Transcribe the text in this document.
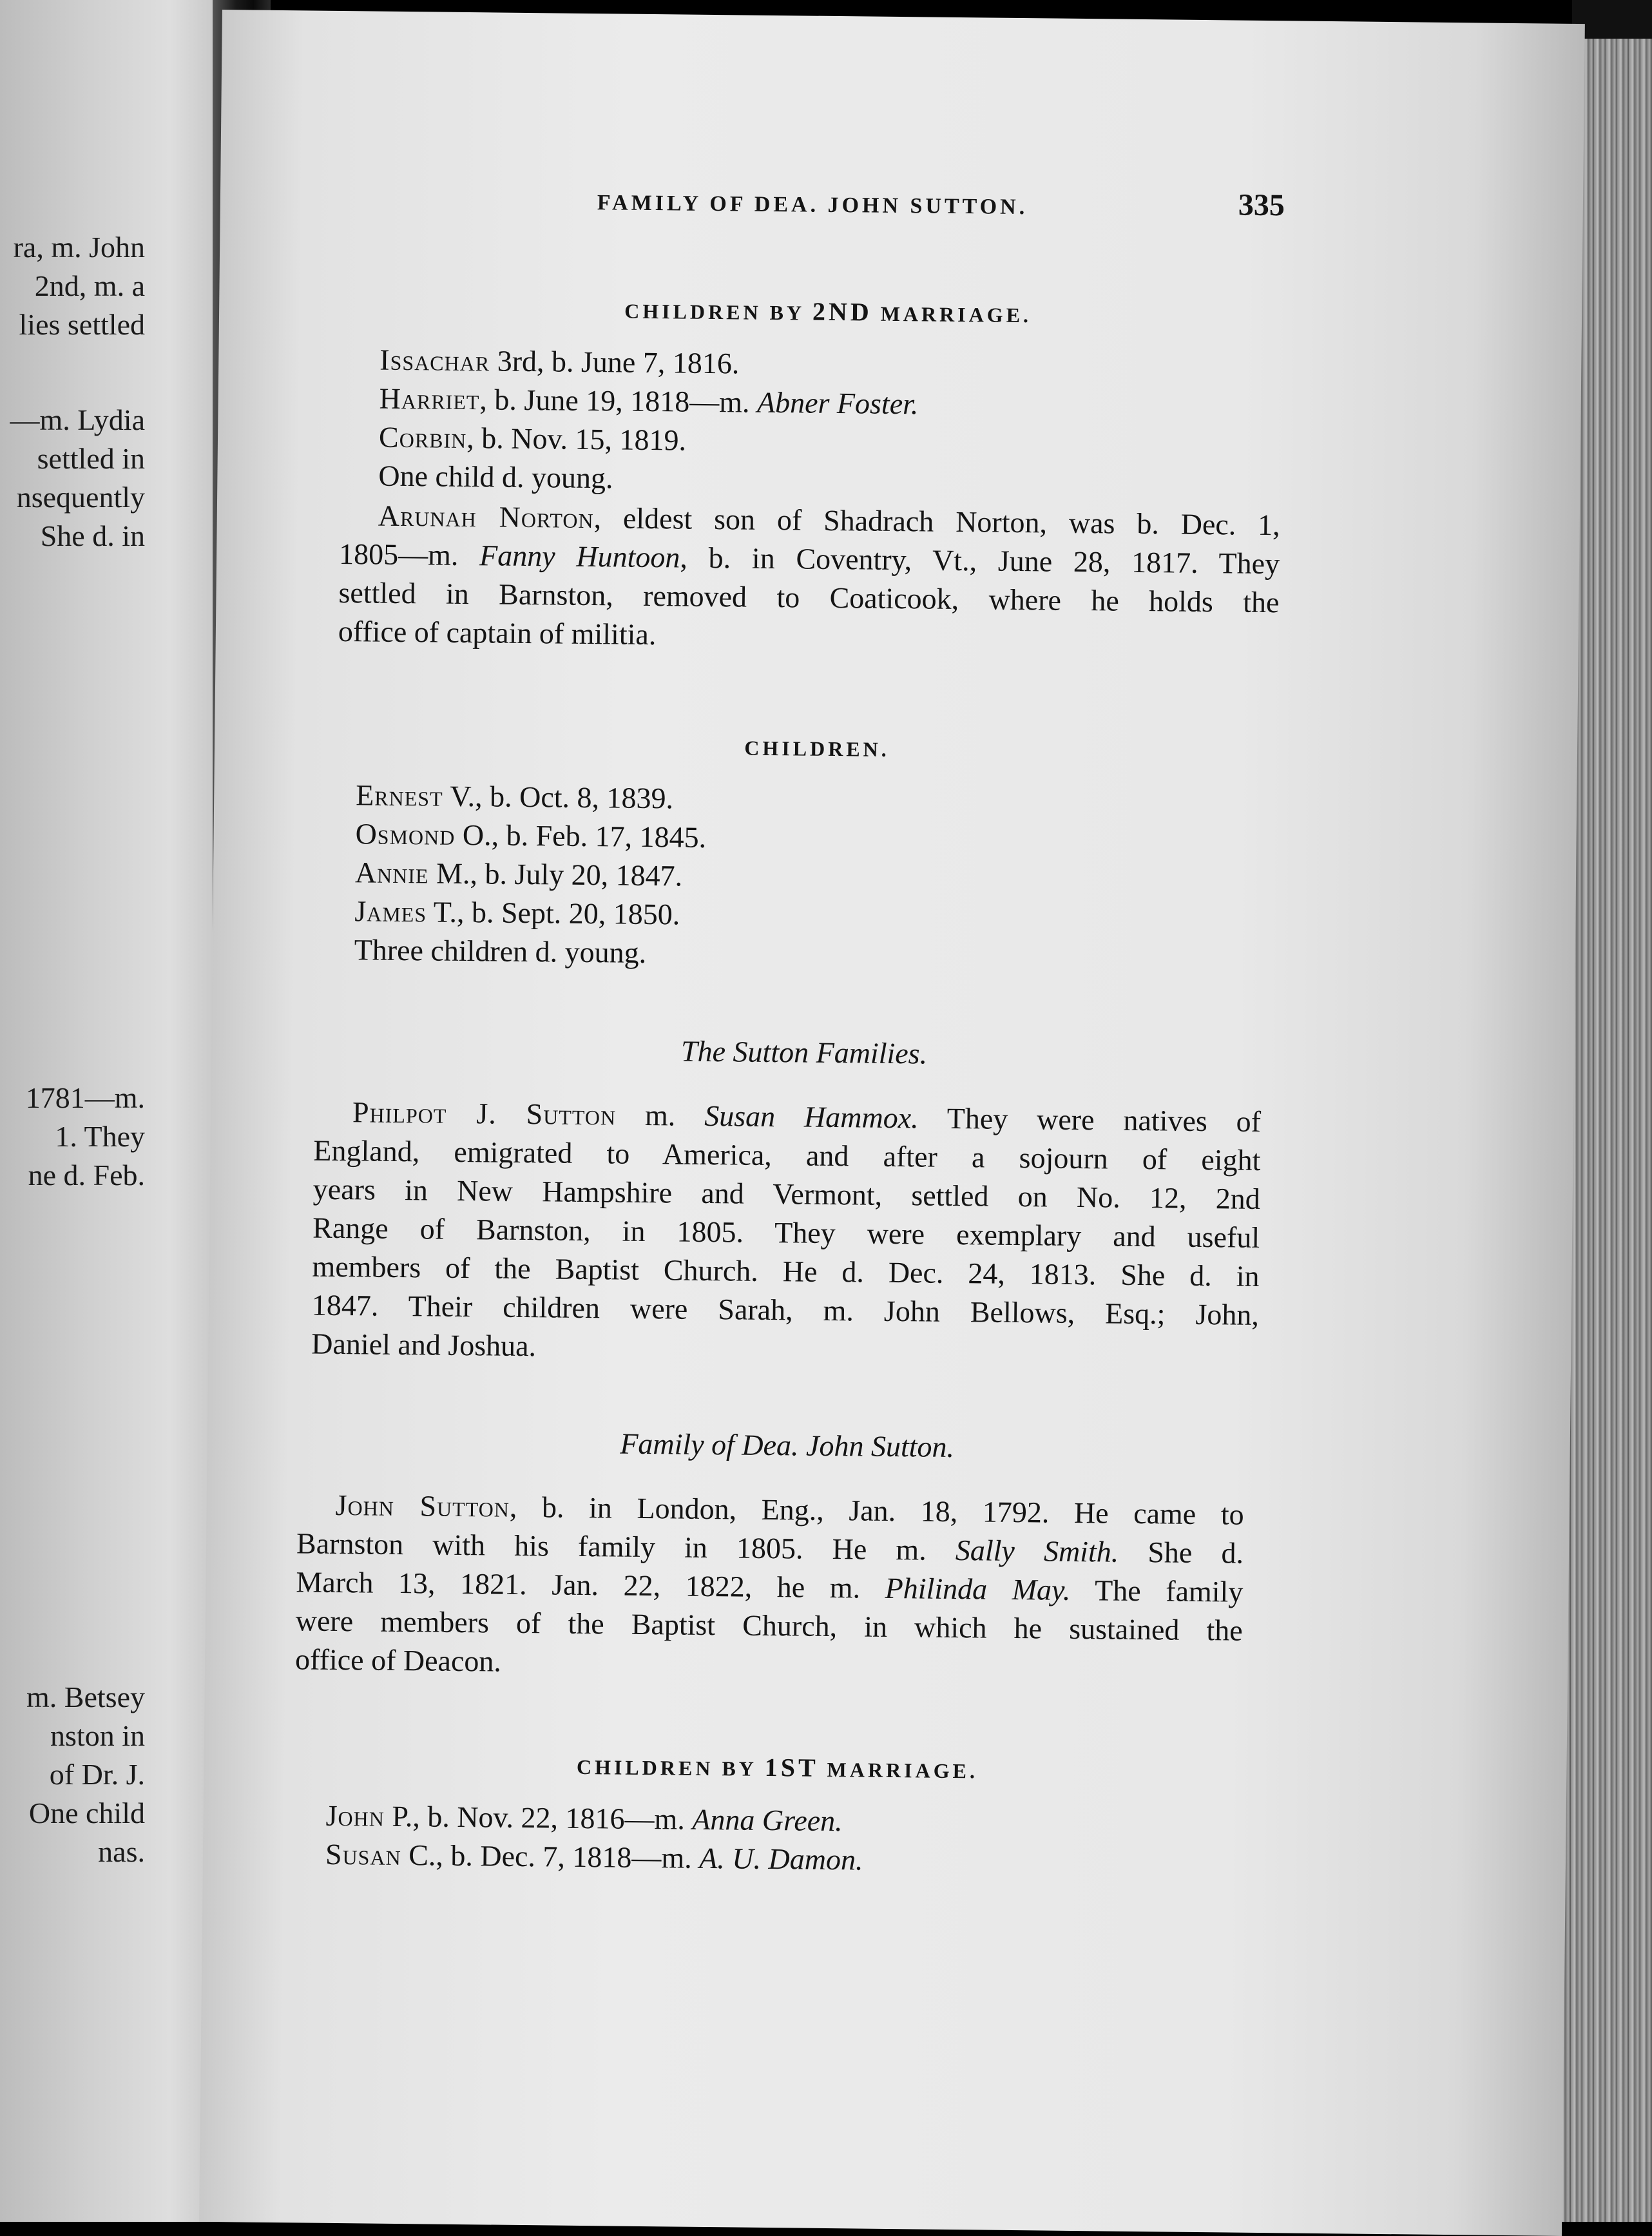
ra, m. John
2nd, m. a
lies settled
—m. Lydia
settled in
nsequently
She d. in
1781—m.
1. They
ne d. Feb.
m. Betsey
nston in
of Dr. J.
One child
nas.
FAMILY OF DEA. JOHN SUTTON.	335
CHILDREN BY 2ND MARRIAGE.
Issachar 3rd, b. June 7, 1816.
Harriet, b. June 19, 1818—m. Abner Foster.
Corbin, b. Nov. 15, 1819.
One child d. young.
Arunah Norton, eldest son of Shadrach Norton, was b. Dec. 1,
1805—m. Fanny Huntoon, b. in Coventry, Vt., June 28, 1817. They
settled in Barnston, removed to Coaticook, where he holds the
office of captain of militia.
CHILDREN.
Ernest V., b. Oct. 8, 1839.
Osmond O., b. Feb. 17, 1845.
Annie M., b. July 20, 1847.
James T., b. Sept. 20, 1850.
Three children d. young.
The Sutton Families.
Philpot J. Sutton m. Susan Hammox. They were natives of
England, emigrated to America, and after a sojourn of eight
years in New Hampshire and Vermont, settled on No. 12, 2nd
Range of Barnston, in 1805. They were exemplary and useful
members of the Baptist Church. He d. Dec. 24, 1813. She d. in
1847. Their children were Sarah, m. John Bellows, Esq.; John,
Daniel and Joshua.
Family of Dea. John Sutton.
John Sutton, b. in London, Eng., Jan. 18, 1792. He came to
Barnston with his family in 1805. He m. Sally Smith. She d.
March 13, 1821. Jan. 22, 1822, he m. Philinda May. The family
were members of the Baptist Church, in which he sustained the
office of Deacon.
CHILDREN BY 1ST MARRIAGE.
John P., b. Nov. 22, 1816—m. Anna Green.
Susan C., b. Dec. 7, 1818—m. A. U. Damon.
